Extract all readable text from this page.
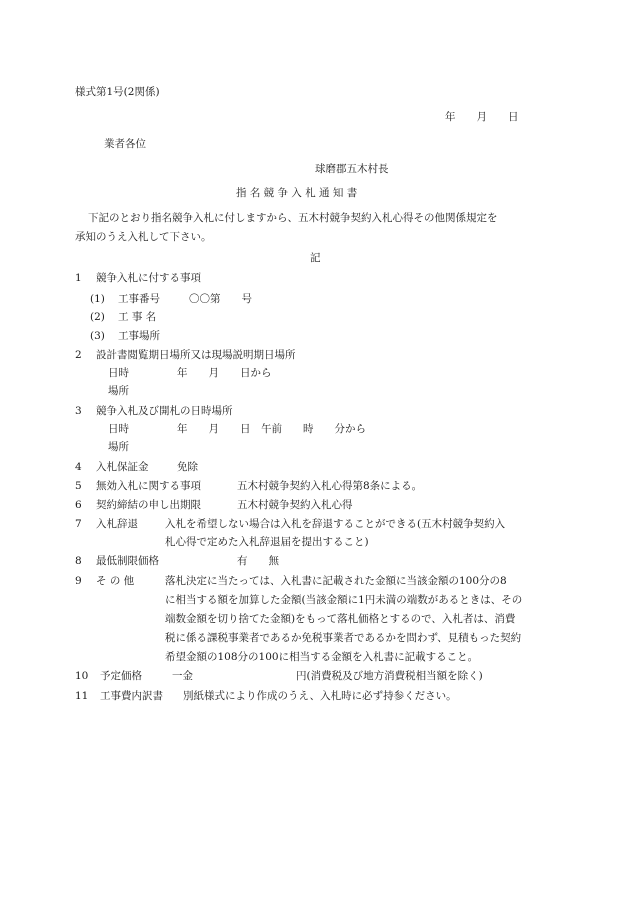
様式第1号(2関係)
年　　月　　日
業者各位
球磨郡五木村長
指 名 競 争 入 札 通 知 書
下記のとおり指名競争入札に付しますから、五木村競争契約入札心得その他関係規定を
承知のうえ入札して下さい。
記
1 競争入札に付する事項
(1) 工事番号	〇〇第　　号
(2) 工 事 名
(3) 工事場所
2 設計書閲覧期日場所又は現場説明期日場所
日時	年　　月　　日から
場所
3 競争入札及び開札の日時場所
日時	年　　月　　日　午前　　時　　分から
場所
4 入札保証金	免除
5 無効入札に関する事項	五木村競争契約入札心得第8条による。
6 契約締結の申し出期限	五木村競争契約入札心得
7 入札辞退	入札を希望しない場合は入札を辞退することができる(五木村競争契約入
札心得で定めた入札辞退届を提出すること)
8 最低制限価格	有　　無
9 そ の 他	落札決定に当たっては、入札書に記載された金額に当該金額の100分の8
に相当する額を加算した金額(当該金額に1円未満の端数があるときは、その
端数金額を切り捨てた金額)をもって落札価格とするので、入札者は、消費
税に係る課税事業者であるか免税事業者であるかを問わず、見積もった契約
希望金額の108分の100に相当する金額を入札書に記載すること。
10 予定価格	一金	円(消費税及び地方消費税相当額を除く)
11 工事費内訳書 別紙様式により作成のうえ、入札時に必ず持参ください。
